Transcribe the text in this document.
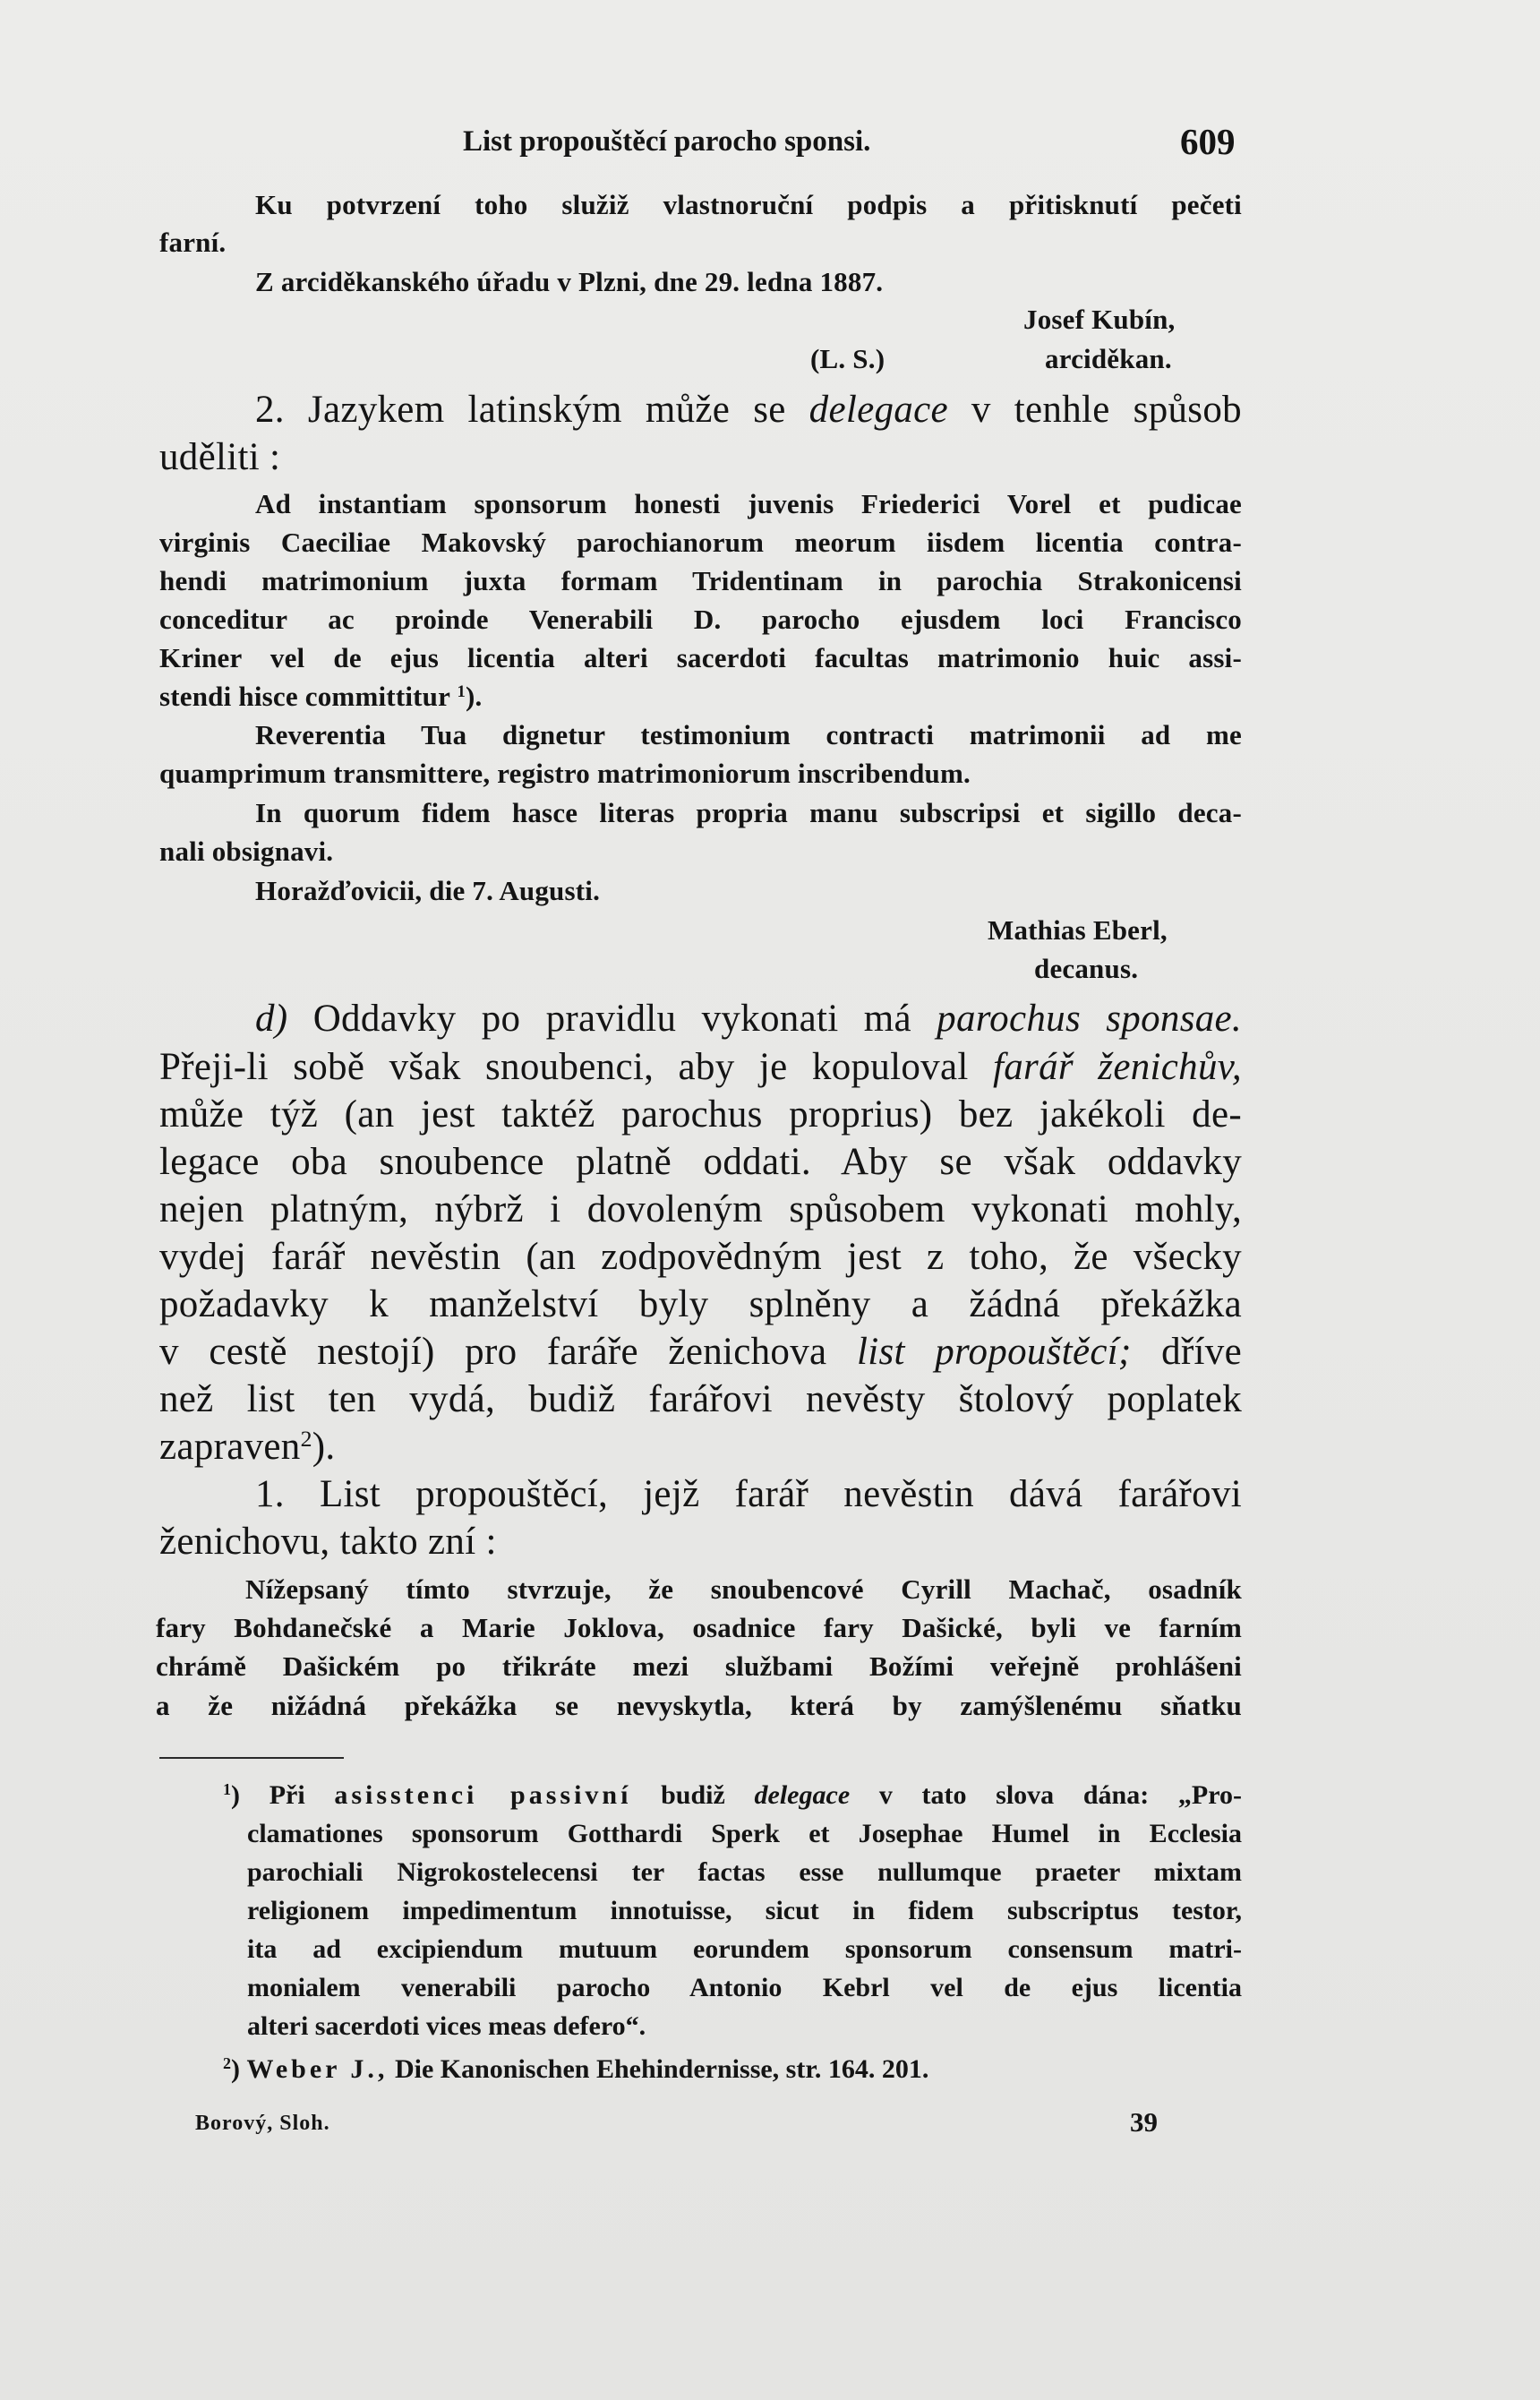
List propouštěcí parocho sponsi.	609
Ku potvrzení toho služiž vlastnoruční podpis a přitisknutí pečeti
farní.
Z arciděkanského úřadu v Plzni, dne 29. ledna 1887.
Josef Kubín,
(L. S.)	arciděkan.
2. Jazykem latinským může se delegace v tenhle spůsob
uděliti :
Ad instantiam sponsorum honesti juvenis Friederici Vorel et pudicae
virginis Caeciliae Makovský parochianorum meorum iisdem licentia contra-
hendi matrimonium juxta formam Tridentinam in parochia Strakonicensi
conceditur ac proinde Venerabili D. parocho ejusdem loci Francisco
Kriner vel de ejus licentia alteri sacerdoti facultas matrimonio huic assi-
stendi hisce committitur $^1$).
Reverentia Tua dignetur testimonium contracti matrimonii ad me
quamprimum transmittere, registro matrimoniorum inscribendum.
In quorum fidem hasce literas propria manu subscripsi et sigillo deca-
nali obsignavi.
Horažďovicii, die 7. Augusti.
Mathias Eberl,
decanus.
d) Oddavky po pravidlu vykonati má parochus sponsae.
Přeji-li sobě však snoubenci, aby je kopuloval farář ženichův,
může týž (an jest taktéž parochus proprius) bez jakékoli de-
legace oba snoubence platně oddati. Aby se však oddavky
nejen platným, nýbrž i dovoleným spůsobem vykonati mohly,
vydej farář nevěstin (an zodpovědným jest z toho, že všecky
požadavky k manželství byly splněny a žádná překážka
v cestě nestojí) pro faráře ženichova list propouštěcí; dříve
než list ten vydá, budiž farářovi nevěsty štolový poplatek
zapraven$^2$).
1. List propouštěcí, jejž farář nevěstin dává farářovi
ženichovu, takto zní :
Nížepsaný tímto stvrzuje, že snoubencové Cyrill Machač, osadník
fary Bohdanečské a Marie Joklova, osadnice fary Dašické, byli ve farním
chrámě Dašickém po třikráte mezi službami Božími veřejně prohlášeni
a že nižádná překážka se nevyskytla, která by zamýšlenému sňatku
$^1$) Při asisstenci passivní budiž delegace v tato slova dána: „Pro-
clamationes sponsorum Gotthardi Sperk et Josephae Humel in Ecclesia
parochiali Nigrokostelecensi ter factas esse nullumque praeter mixtam
religionem impedimentum innotuisse, sicut in fidem subscriptus testor,
ita ad excipiendum mutuum eorundem sponsorum consensum matri-
monialem venerabili parocho Antonio Kebrl vel de ejus licentia
alteri sacerdoti vices meas defero“.
$^2$) Weber J., Die Kanonischen Ehehindernisse, str. 164. 201.
Borový, Sloh.	39
